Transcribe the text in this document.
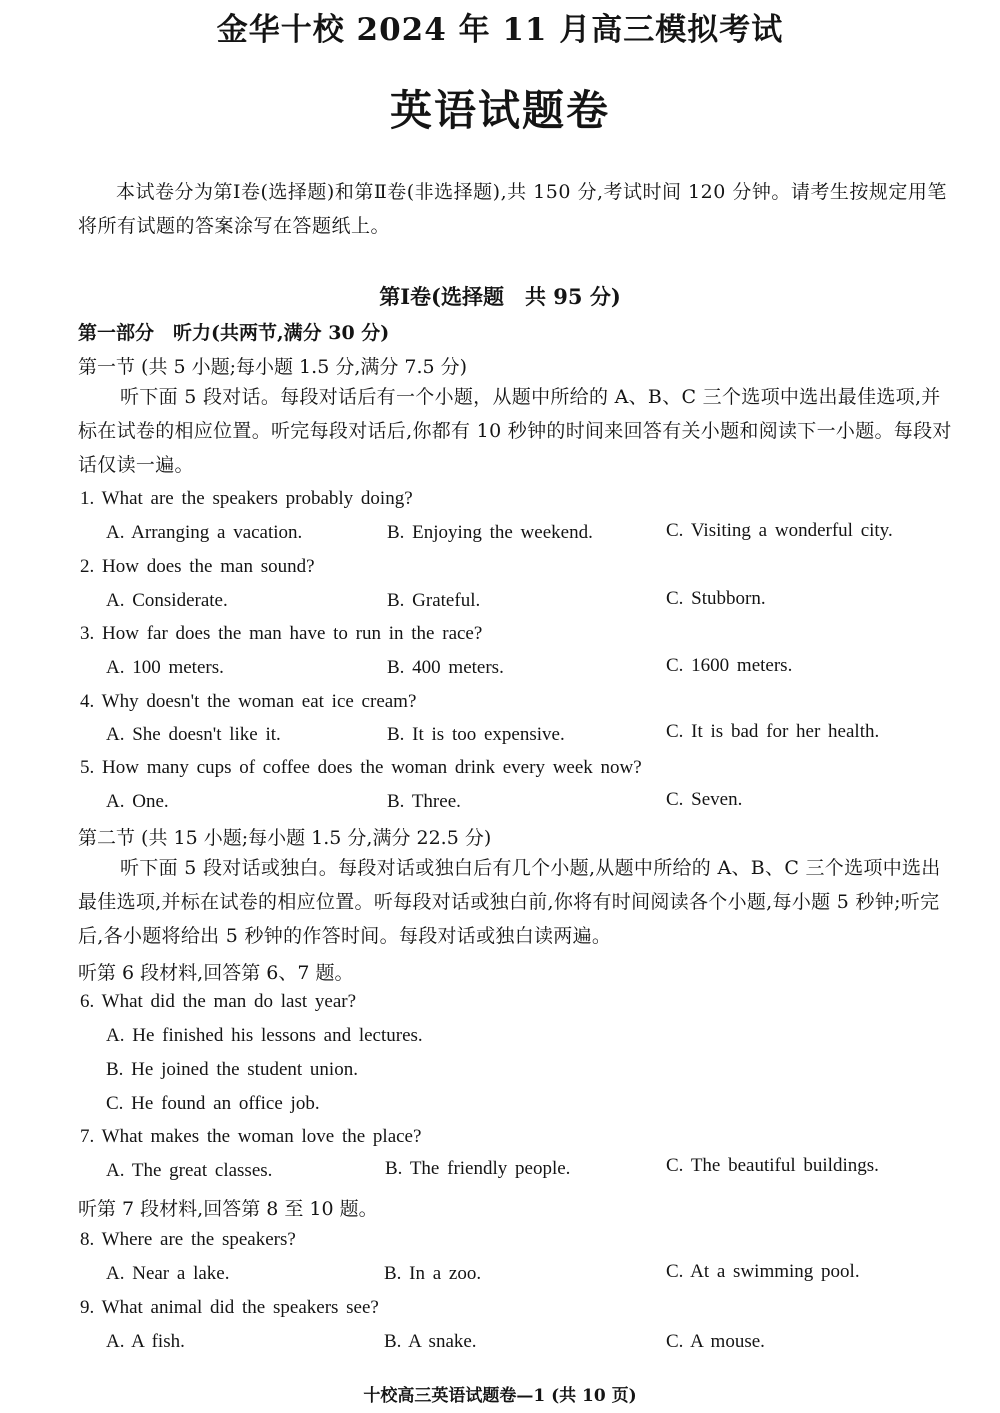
金华十校 2024 年 11 月高三模拟考试
英语试题卷
本试卷分为第Ⅰ卷(选择题)和第Ⅱ卷(非选择题),共 150 分,考试时间 120 分钟。请考生按规定用笔将所有试题的答案涂写在答题纸上。
第Ⅰ卷(选择题　共 95 分)
第一部分　听力(共两节,满分 30 分)
第一节 (共 5 小题;每小题 1.5 分,满分 7.5 分)
听下面 5 段对话。每段对话后有一个小题，从题中所给的 A、B、C 三个选项中选出最佳选项,并标在试卷的相应位置。听完每段对话后,你都有 10 秒钟的时间来回答有关小题和阅读下一小题。每段对话仅读一遍。
1. What are the speakers probably doing?
A. Arranging a vacation.	B. Enjoying the weekend.	C. Visiting a wonderful city.
2. How does the man sound?
A. Considerate.	B. Grateful.	C. Stubborn.
3. How far does the man have to run in the race?
A. 100 meters.	B. 400 meters.	C. 1600 meters.
4. Why doesn't the woman eat ice cream?
A. She doesn't like it.	B. It is too expensive.	C. It is bad for her health.
5. How many cups of coffee does the woman drink every week now?
A. One.	B. Three.	C. Seven.
第二节 (共 15 小题;每小题 1.5 分,满分 22.5 分)
听下面 5 段对话或独白。每段对话或独白后有几个小题,从题中所给的 A、B、C 三个选项中选出最佳选项,并标在试卷的相应位置。听每段对话或独白前,你将有时间阅读各个小题,每小题 5 秒钟;听完后,各小题将给出 5 秒钟的作答时间。每段对话或独白读两遍。
听第 6 段材料,回答第 6、7 题。
6. What did the man do last year?
A. He finished his lessons and lectures.
B. He joined the student union.
C. He found an office job.
7. What makes the woman love the place?
A. The great classes.	B. The friendly people.	C. The beautiful buildings.
听第 7 段材料,回答第 8 至 10 题。
8. Where are the speakers?
A. Near a lake.	B. In a zoo.	C. At a swimming pool.
9. What animal did the speakers see?
A. A fish.	B. A snake.	C. A mouse.
十校高三英语试题卷—1 (共 10 页)
